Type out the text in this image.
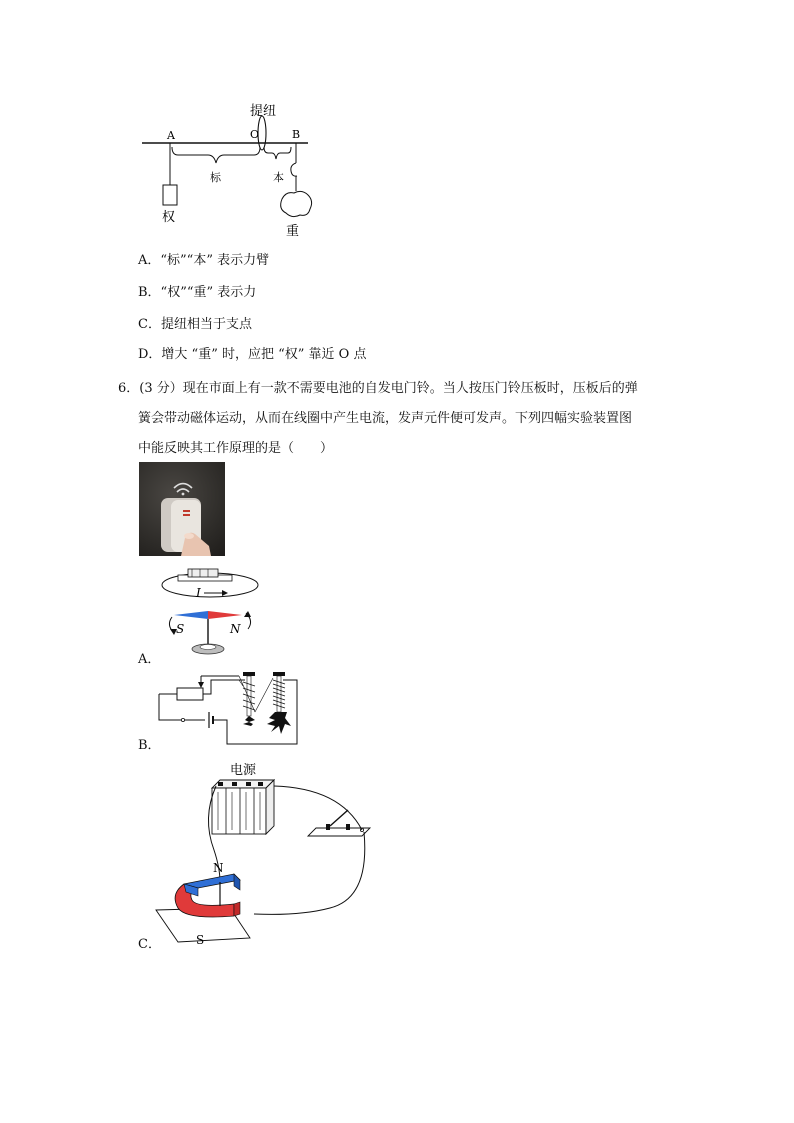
提纽
A	O	B
标	本
权
重
A．“标”“本” 表示力臂
B．“权”“重” 表示力
C．提纽相当于支点
D．增大 “重” 时，应把 “权” 靠近 O 点
6．(3 分）现在市面上有一款不需要电池的自发电门铃。当人按压门铃压板时，压板后的弹
簧会带动磁体运动，从而在线圈中产生电流，发声元件便可发声。下列四幅实验装置图
中能反映其工作原理的是（　　）
I
S	N
A．
B．
电源
N
S
C．
